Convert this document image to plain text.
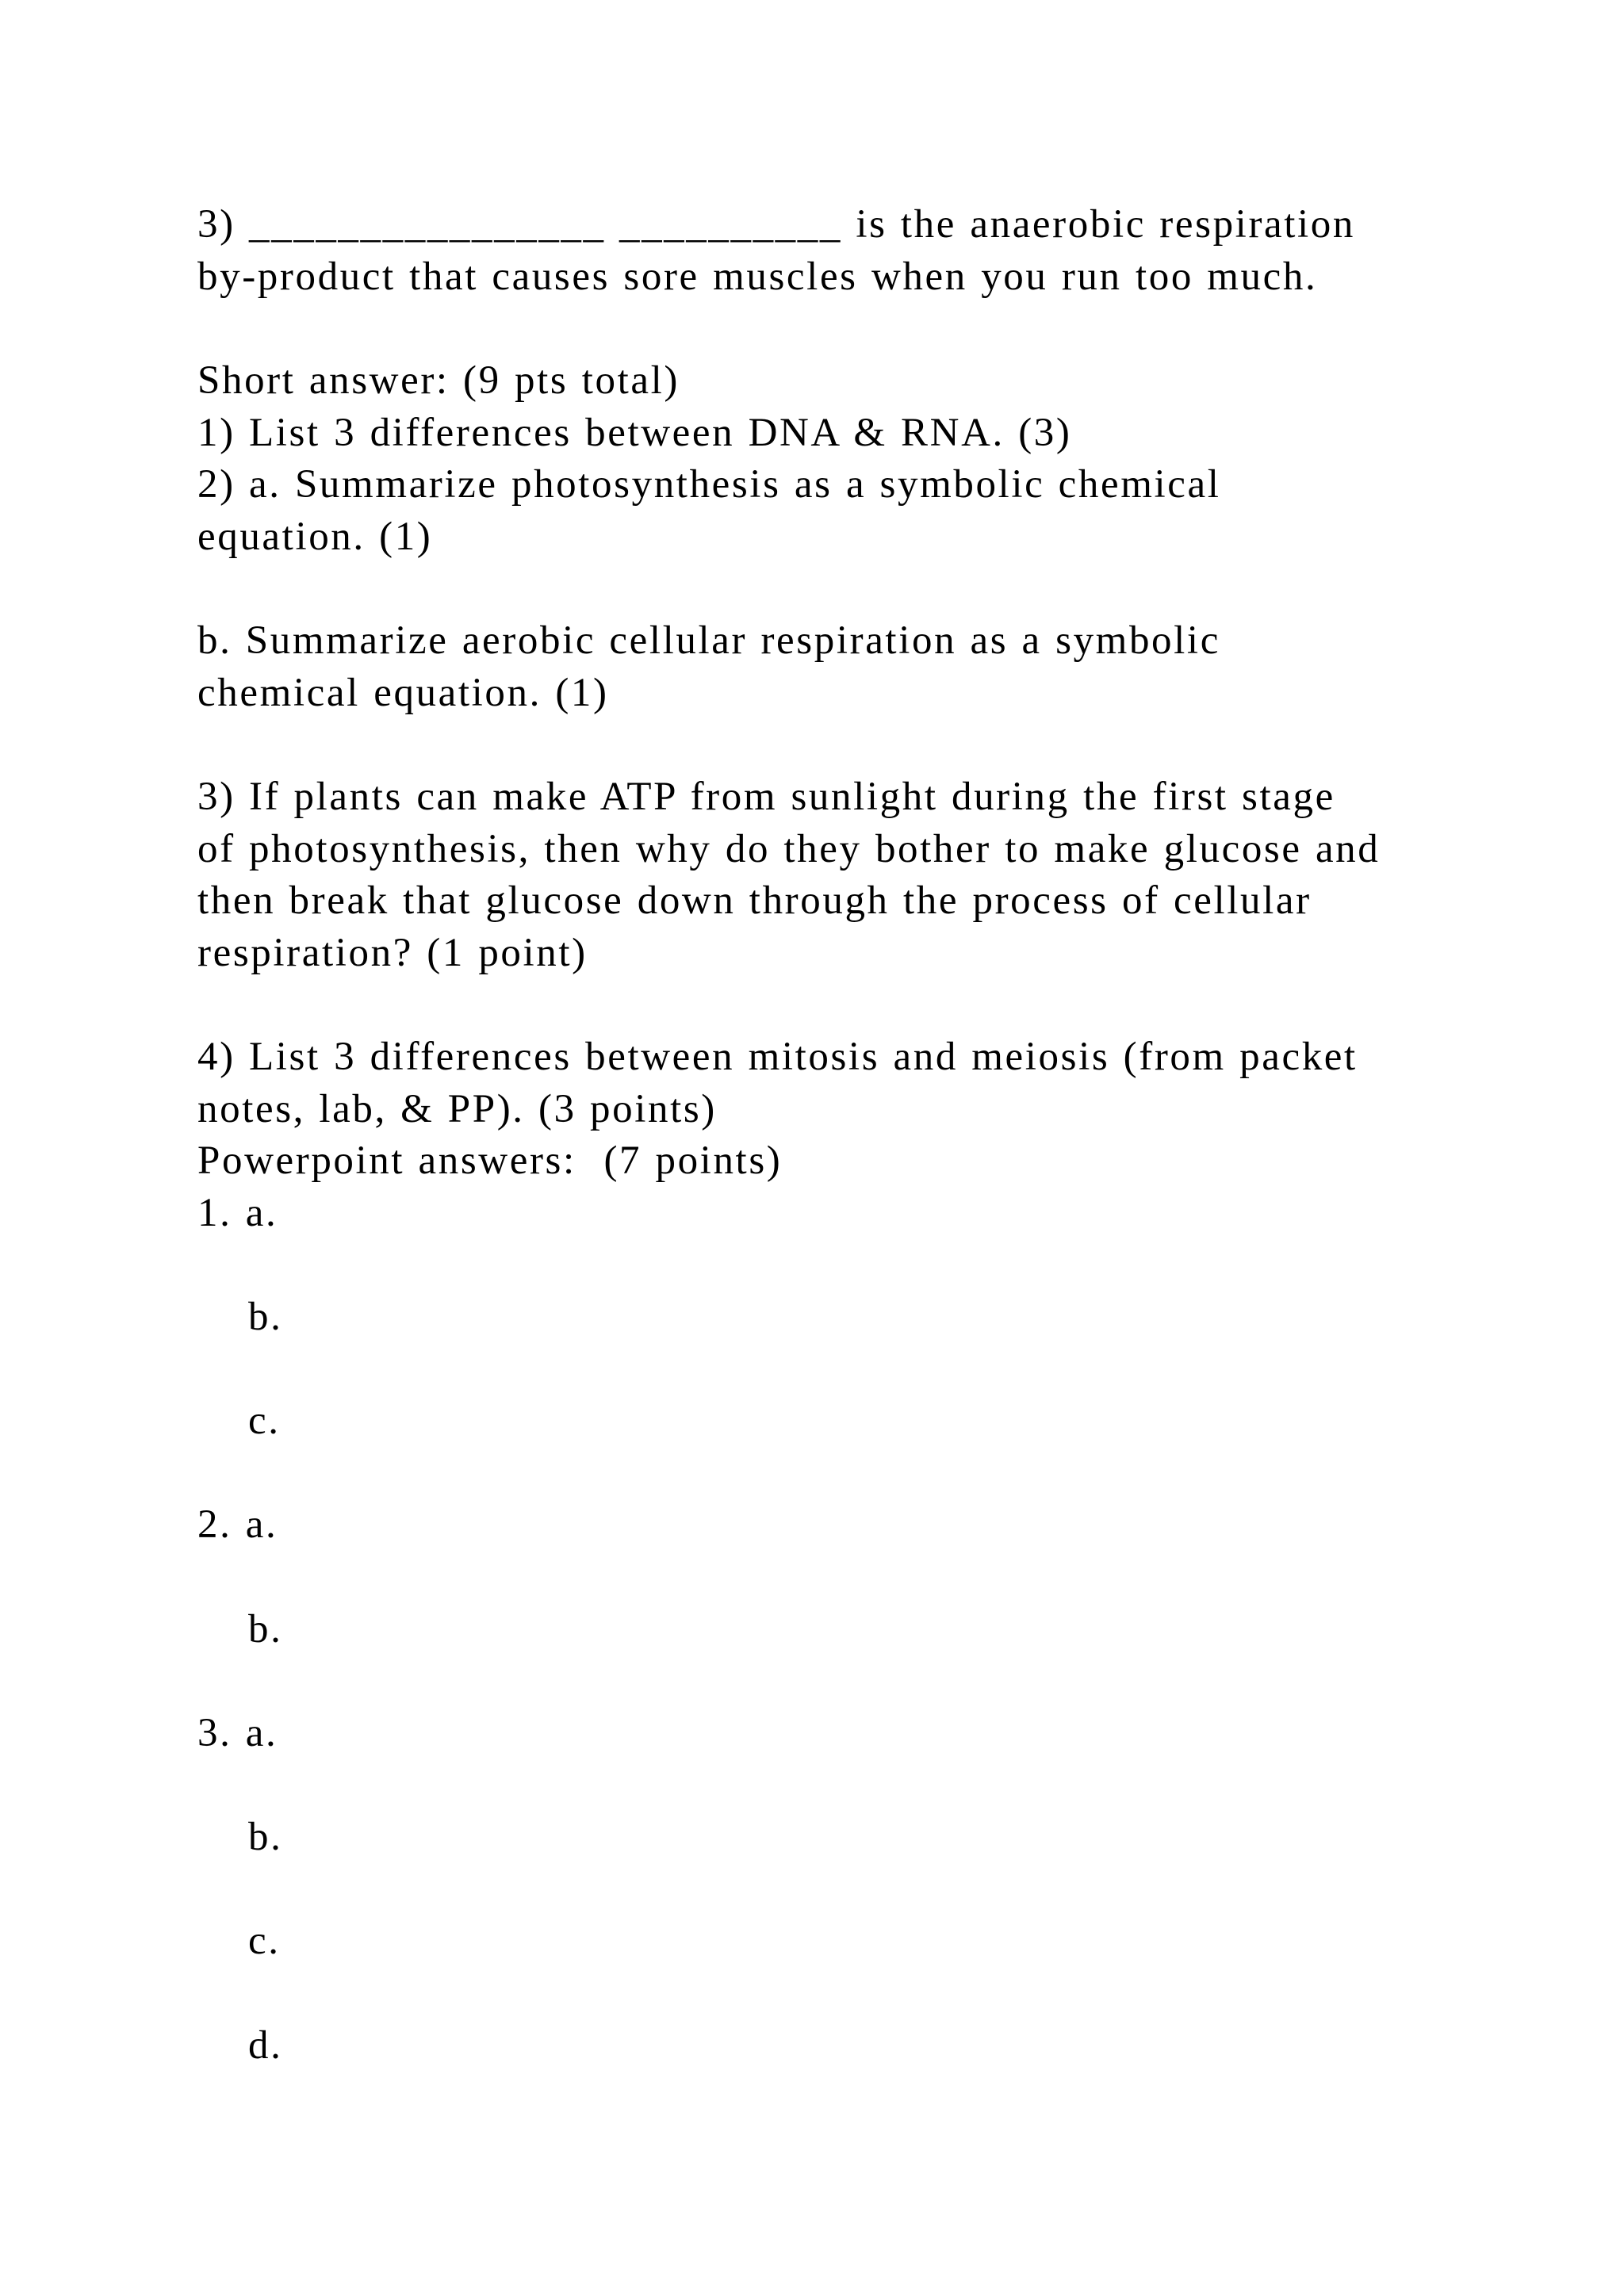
3) ________________ __________ is the anaerobic respiration
by-product that causes sore muscles when you run too much.
Short answer: (9 pts total)
1) List 3 differences between DNA & RNA. (3)
2) a. Summarize photosynthesis as a symbolic chemical
equation. (1)
b. Summarize aerobic cellular respiration as a symbolic
chemical equation. (1)
3) If plants can make ATP from sunlight during the first stage
of photosynthesis, then why do they bother to make glucose and
then break that glucose down through the process of cellular
respiration? (1 point)
4) List 3 differences between mitosis and meiosis (from packet
notes, lab, & PP). (3 points)
Powerpoint answers:  (7 points)
1. a.
b.
c.
2. a.
b.
3. a.
b.
c.
d.
